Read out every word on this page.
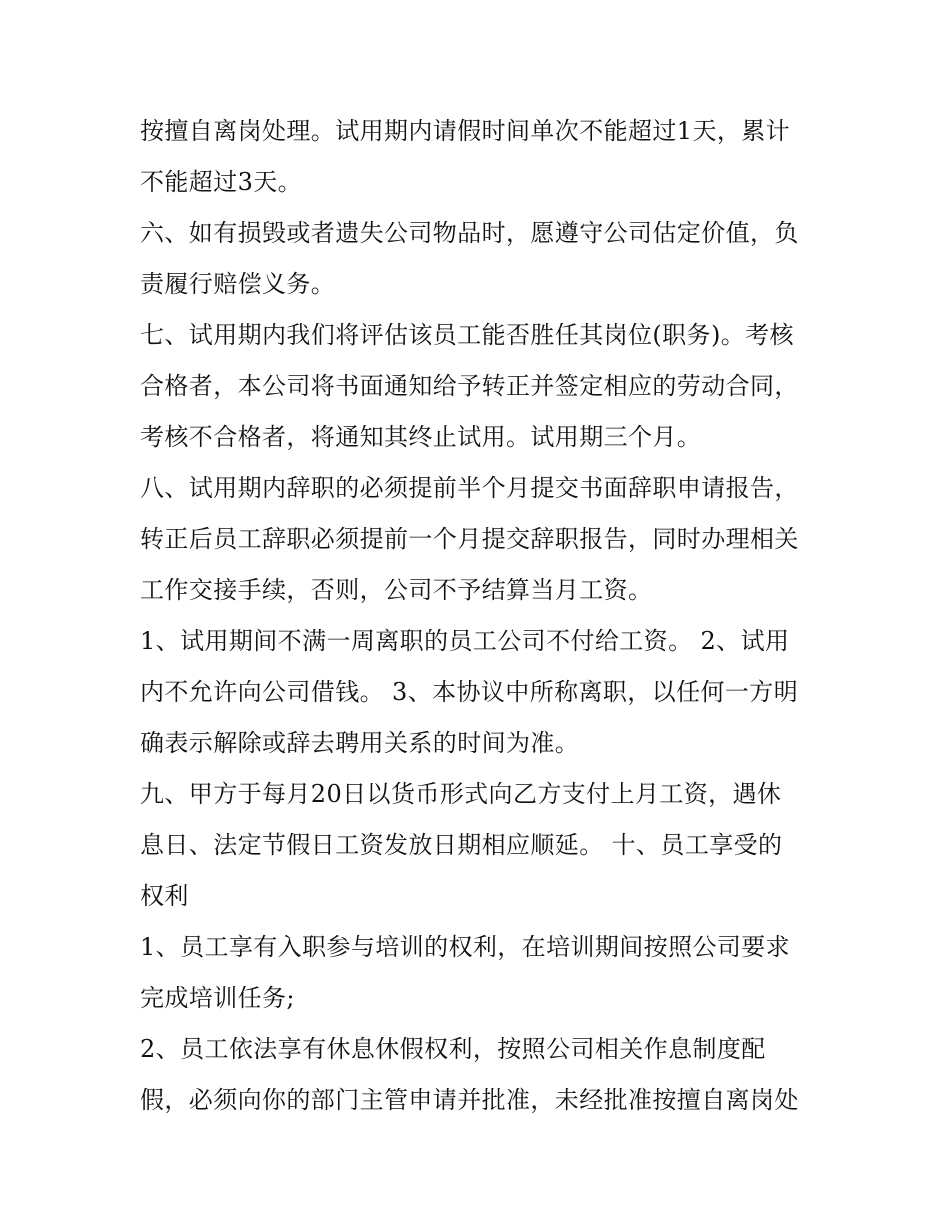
按擅自离岗处理。试用期内请假时间单次不能超过1天，累计
不能超过3天。
六、如有损毁或者遗失公司物品时，愿遵守公司估定价值，负
责履行赔偿义务。
七、试用期内我们将评估该员工能否胜任其岗位(职务)。考核
合格者，本公司将书面通知给予转正并签定相应的劳动合同，
考核不合格者，将通知其终止试用。试用期三个月。
八、试用期内辞职的必须提前半个月提交书面辞职申请报告，
转正后员工辞职必须提前一个月提交辞职报告，同时办理相关
工作交接手续，否则，公司不予结算当月工资。
1、试用期间不满一周离职的员工公司不付给工资。 2、试用
内不允许向公司借钱。 3、本协议中所称离职，以任何一方明
确表示解除或辞去聘用关系的时间为准。
九、甲方于每月20日以货币形式向乙方支付上月工资，遇休
息日、法定节假日工资发放日期相应顺延。 十、员工享受的
权利
1、员工享有入职参与培训的权利，在培训期间按照公司要求
完成培训任务;
2、员工依法享有休息休假权利，按照公司相关作息制度配
假，必须向你的部门主管申请并批准，未经批准按擅自离岗处
